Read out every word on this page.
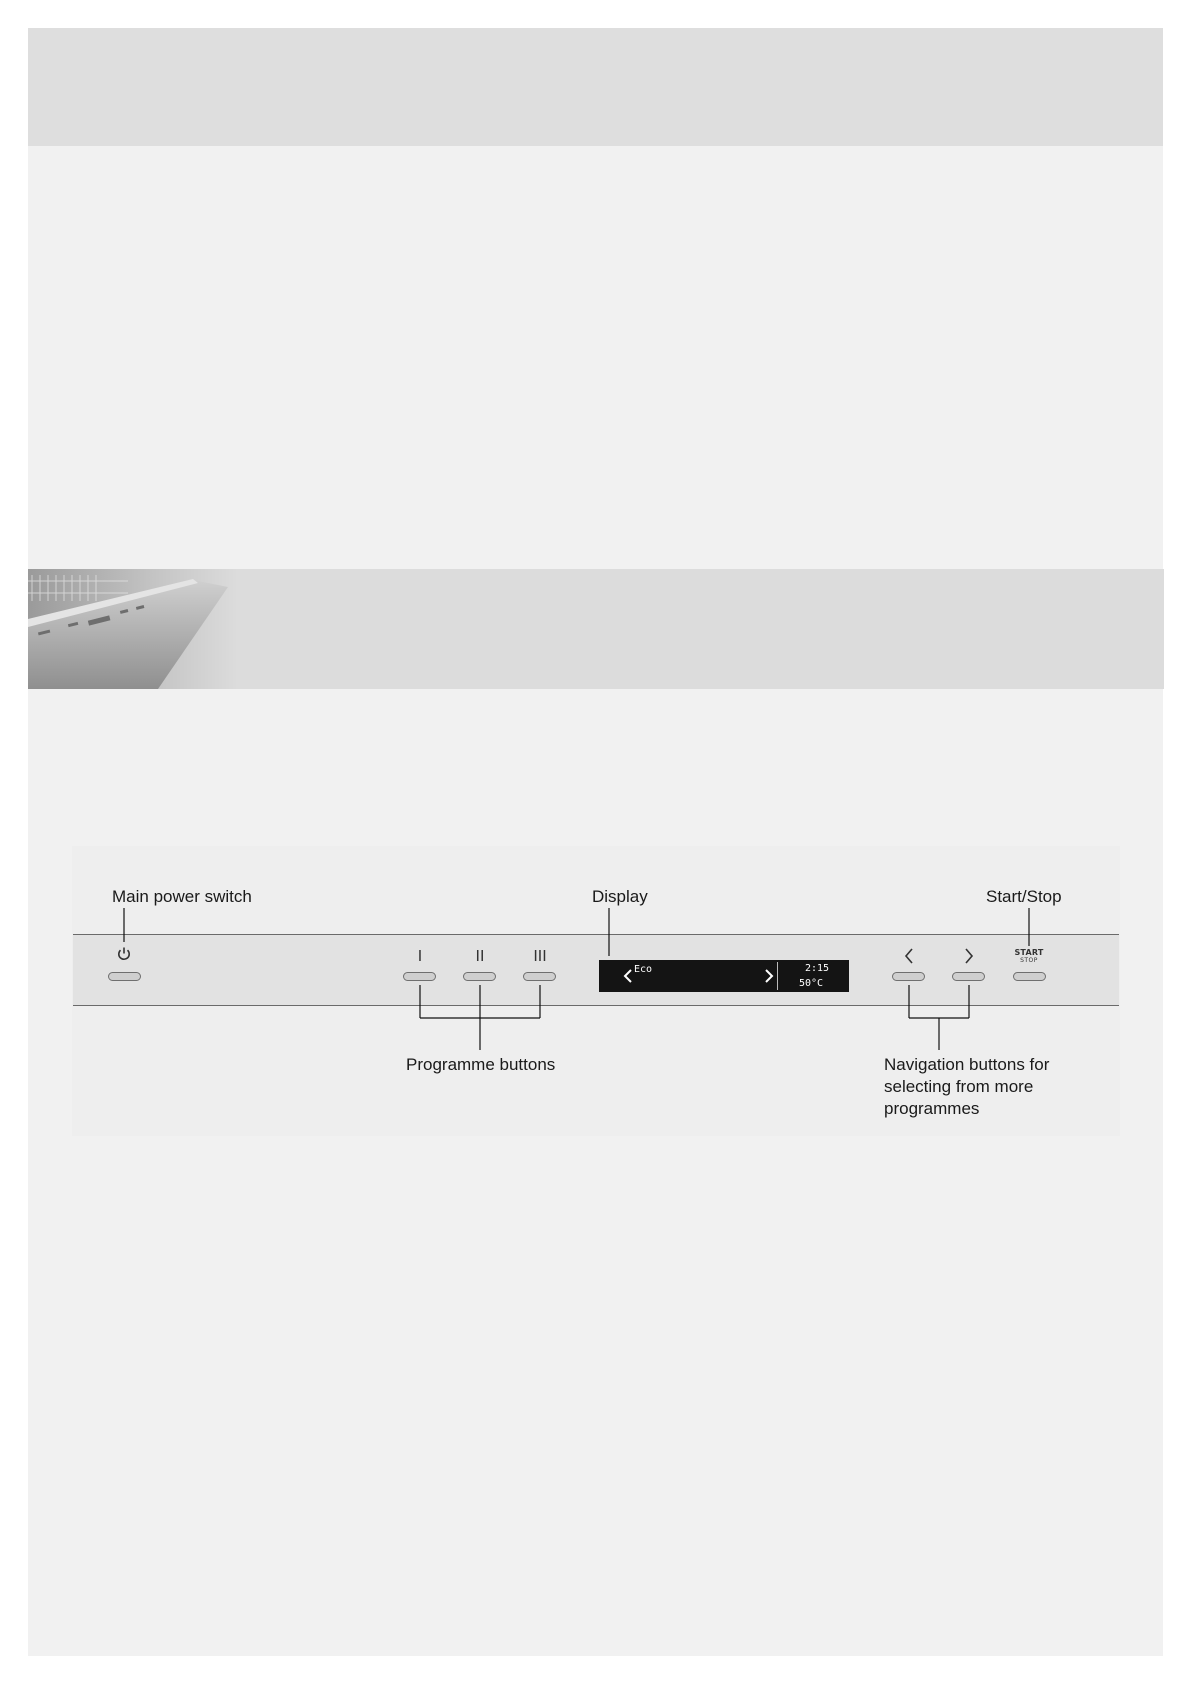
Main power switch	Display	Start/Stop
Programme buttons	Navigation buttons for selecting from more programmes
I	II	III
Eco	2:15
50°C
START
STOP
